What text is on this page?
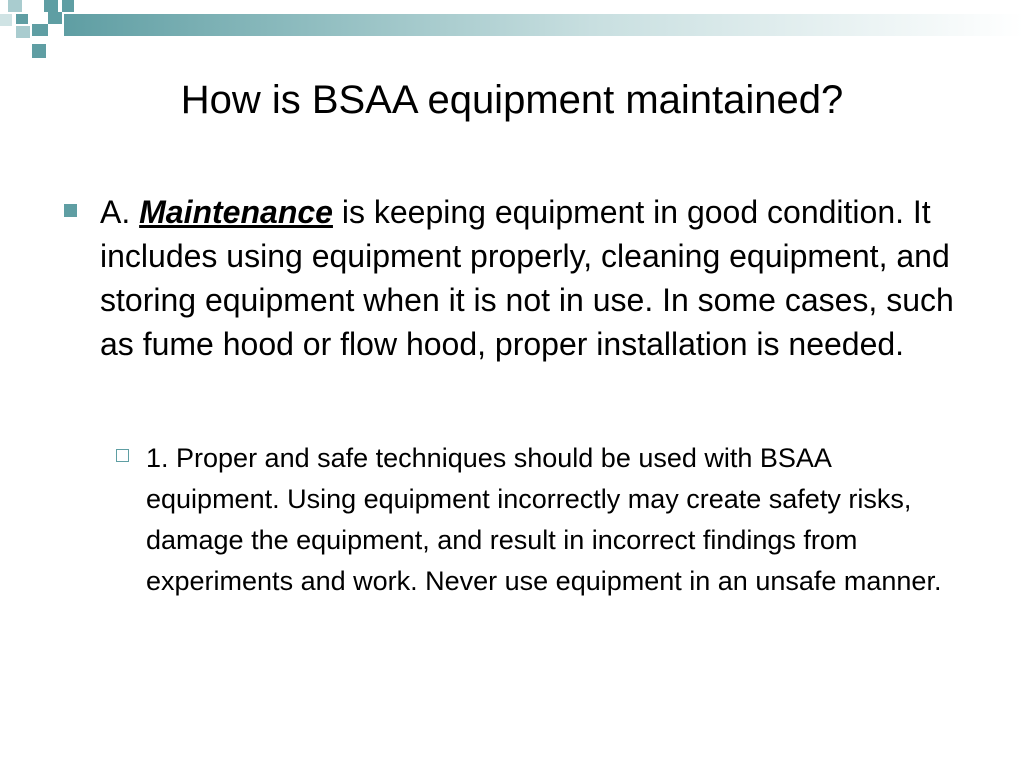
How is BSAA equipment maintained?

A. Maintenance is keeping equipment in good condition. It includes using equipment properly, cleaning equipment, and storing equipment when it is not in use. In some cases, such as fume hood or flow hood, proper installation is needed.

1. Proper and safe techniques should be used with BSAA equipment. Using equipment incorrectly may create safety risks, damage the equipment, and result in incorrect findings from experiments and work. Never use equipment in an unsafe manner.
